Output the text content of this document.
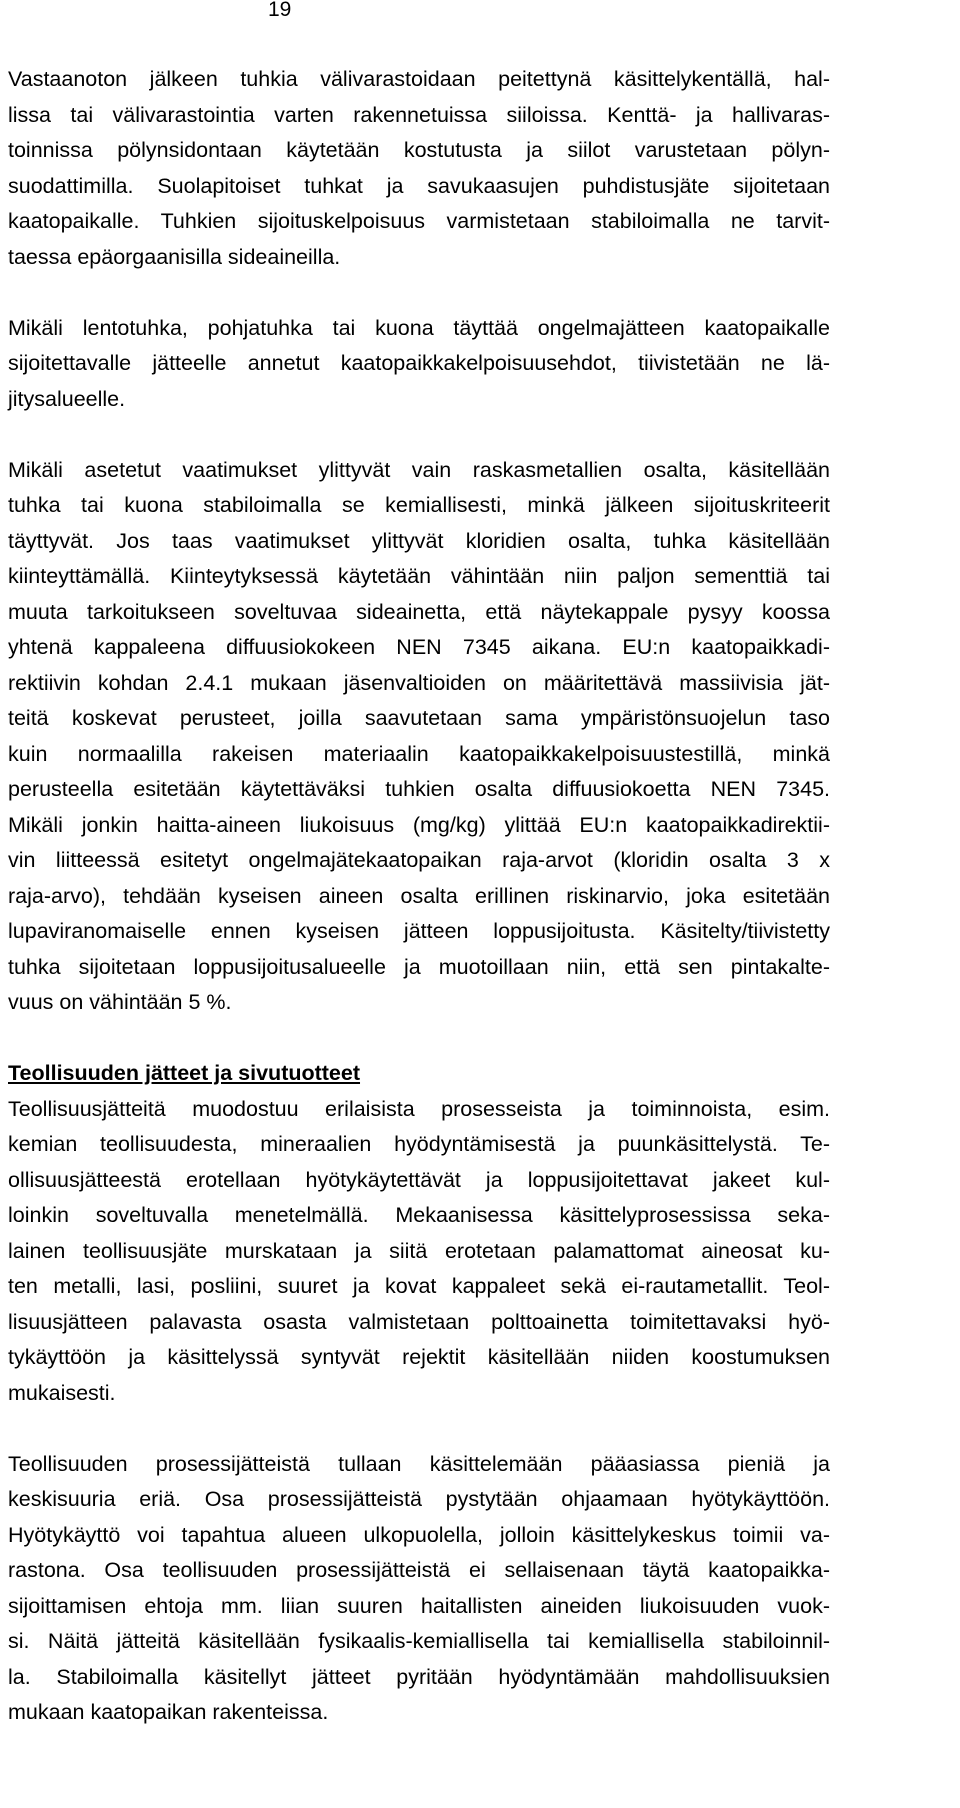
19

Vastaanoton jälkeen tuhkia välivarastoidaan peitettynä käsittelykentällä, hal-
lissa tai välivarastointia varten rakennetuissa siiloissa. Kenttä- ja hallivaras-
toinnissa pölynsidontaan käytetään kostutusta ja siilot varustetaan pölyn-
suodattimilla. Suolapitoiset tuhkat ja savukaasujen puhdistusjäte sijoitetaan
kaatopaikalle. Tuhkien sijoituskelpoisuus varmistetaan stabiloimalla ne tarvit-
taessa epäorgaanisilla sideaineilla.

Mikäli lentotuhka, pohjatuhka tai kuona täyttää ongelmajätteen kaatopaikalle
sijoitettavalle jätteelle annetut kaatopaikkakelpoisuusehdot, tiivistetään ne lä-
jitysalueelle.

Mikäli asetetut vaatimukset ylittyvät vain raskasmetallien osalta, käsitellään
tuhka tai kuona stabiloimalla se kemiallisesti, minkä jälkeen sijoituskriteerit
täyttyvät. Jos taas vaatimukset ylittyvät kloridien osalta, tuhka käsitellään
kiinteyttämällä. Kiinteytyksessä käytetään vähintään niin paljon sementtiä tai
muuta tarkoitukseen soveltuvaa sideainetta, että näytekappale pysyy koossa
yhtenä kappaleena diffuusiokokeen NEN 7345 aikana. EU:n kaatopaikkadi-
rektiivin kohdan 2.4.1 mukaan jäsenvaltioiden on määritettävä massiivisia jät-
teitä koskevat perusteet, joilla saavutetaan sama ympäristönsuojelun taso
kuin normaalilla rakeisen materiaalin kaatopaikkakelpoisuustestillä, minkä
perusteella esitetään käytettäväksi tuhkien osalta diffuusiokoetta NEN 7345.
Mikäli jonkin haitta-aineen liukoisuus (mg/kg) ylittää EU:n kaatopaikkadirektii-
vin liitteessä esitetyt ongelmajätekaatopaikan raja-arvot (kloridin osalta 3 x
raja-arvo), tehdään kyseisen aineen osalta erillinen riskinarvio, joka esitetään
lupaviranomaiselle ennen kyseisen jätteen loppusijoitusta. Käsitelty/tiivistetty
tuhka sijoitetaan loppusijoitusalueelle ja muotoillaan niin, että sen pintakalte-
vuus on vähintään 5 %.

Teollisuuden jätteet ja sivutuotteet

Teollisuusjätteitä muodostuu erilaisista prosesseista ja toiminnoista, esim.
kemian teollisuudesta, mineraalien hyödyntämisestä ja puunkäsittelystä. Te-
ollisuusjätteestä erotellaan hyötykäytettävät ja loppusijoitettavat jakeet kul-
loinkin soveltuvalla menetelmällä. Mekaanisessa käsittelyprosessissa seka-
lainen teollisuusjäte murskataan ja siitä erotetaan palamattomat aineosat ku-
ten metalli, lasi, posliini, suuret ja kovat kappaleet sekä ei-rautametallit. Teol-
lisuusjätteen palavasta osasta valmistetaan polttoainetta toimitettavaksi hyö-
tykäyttöön ja käsittelyssä syntyvät rejektit käsitellään niiden koostumuksen
mukaisesti.

Teollisuuden prosessijätteistä tullaan käsittelemään pääasiassa pieniä ja
keskisuuria eriä. Osa prosessijätteistä pystytään ohjaamaan hyötykäyttöön.
Hyötykäyttö voi tapahtua alueen ulkopuolella, jolloin käsittelykeskus toimii va-
rastona. Osa teollisuuden prosessijätteistä ei sellaisenaan täytä kaatopaikka-
sijoittamisen ehtoja mm. liian suuren haitallisten aineiden liukoisuuden vuok-
si. Näitä jätteitä käsitellään fysikaalis-kemiallisella tai kemiallisella stabiloinnil-
la. Stabiloimalla käsitellyt jätteet pyritään hyödyntämään mahdollisuuksien
mukaan kaatopaikan rakenteissa.
